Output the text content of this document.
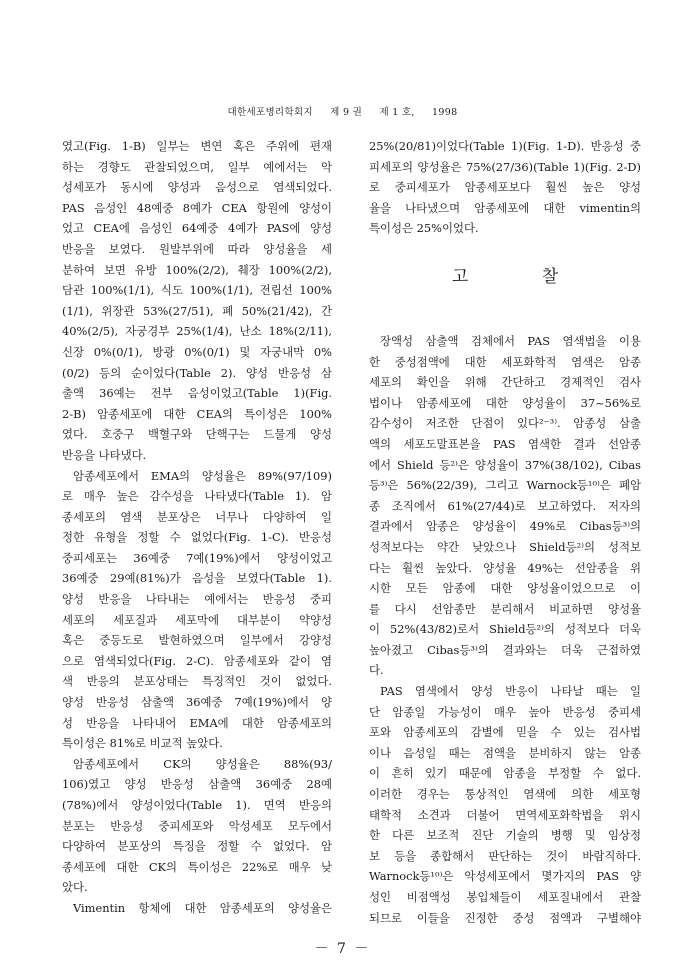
대한세포병리학회지 제 9 권 제 1 호, 1998
였고(Fig. 1-B) 일부는 변연 혹은 주위에 편재
하는 경향도 관찰되었으며, 일부 예에서는 악
성세포가 동시에 양성과 음성으로 염색되었다.
PAS 음성인 48예중 8예가 CEA 항원에 양성이
었고 CEA에 음성인 64예중 4예가 PAS에 양성
반응을 보였다. 원발부위에 따라 양성율을 세
분하여 보면 유방 100%(2/2), 췌장 100%(2/2),
담관 100%(1/1), 식도 100%(1/1), 전립선 100%
(1/1), 위장관 53%(27/51), 폐 50%(21/42), 간
40%(2/5), 자궁경부 25%(1/4), 난소 18%(2/11),
신장 0%(0/1), 방광 0%(0/1) 및 자궁내막 0%
(0/2) 등의 순이었다(Table 2). 양성 반응성 삼
출액 36예는 전부 음성이었고(Table 1)(Fig.
2-B) 암종세포에 대한 CEA의 특이성은 100%
였다. 호중구 백혈구와 단핵구는 드물게 양성
반응을 나타냈다.
암종세포에서 EMA의 양성율은 89%(97/109)
로 매우 높은 감수성을 나타냈다(Table 1). 암
종세포의 염색 분포상은 너무나 다양하여 일
정한 유형을 정할 수 없었다(Fig. 1-C). 반응성
중피세포는 36예중 7예(19%)에서 양성이었고
36예중 29예(81%)가 음성을 보였다(Table 1).
양성 반응을 나타내는 예에서는 반응성 중피
세포의 세포질과 세포막에 대부분이 약양성
혹은 중등도로 발현하였으며 일부에서 강양성
으로 염색되었다(Fig. 2-C). 암종세포와 같이 염
색 반응의 분포상태는 특징적인 것이 없었다.
양성 반응성 삼출액 36예중 7예(19%)에서 양
성 반응을 나타내어 EMA에 대한 암종세포의
특이성은 81%로 비교적 높았다.
암종세포에서 CK의 양성율은 88%(93/
106)였고 양성 반응성 삼출액 36예중 28예
(78%)에서 양성이었다(Table 1). 면역 반응의
분포는 반응성 중피세포와 악성세포 모두에서
다양하여 분포상의 특징을 정할 수 없었다. 암
종세포에 대한 CK의 특이성은 22%로 매우 낮
았다.
Vimentin 항체에 대한 암종세포의 양성율은
25%(20/81)이었다(Table 1)(Fig. 1-D). 반응성 중
피세포의 양성율은 75%(27/36)(Table 1)(Fig. 2-D)
로 중피세포가 암종세포보다 훨씬 높은 양성
율을 나타냈으며 암종세포에 대한 vimentin의
특이성은 25%이었다.
고 찰
장액성 삼출액 검체에서 PAS 염색법을 이용
한 중성점액에 대한 세포화학적 염색은 암종
세포의 확인을 위해 간단하고 경제적인 검사
법이나 암종세포에 대한 양성율이 37~56%로
감수성이 저조한 단점이 있다²⁻³⁾. 암종성 삼출
액의 세포도말표본을 PAS 염색한 결과 선암종
에서 Shield 등²⁾은 양성율이 37%(38/102), Cibas
등³⁾은 56%(22/39), 그리고 Warnock등¹⁰⁾은 폐암
종 조직에서 61%(27/44)로 보고하였다. 저자의
결과에서 암종은 양성율이 49%로 Cibas등³⁾의
성적보다는 약간 낮았으나 Shield등²⁾의 성적보
다는 훨씬 높았다. 양성율 49%는 선암종을 위
시한 모든 암종에 대한 양성율이었으므로 이
를 다시 선암종만 분리해서 비교하면 양성율
이 52%(43/82)로서 Shield등²⁾의 성적보다 더욱
높아졌고 Cibas등³⁾의 결과와는 더욱 근접하였
다.
PAS 염색에서 양성 반응이 나타날 때는 일
단 암종일 가능성이 매우 높아 반응성 중피세
포와 암종세포의 감별에 믿을 수 있는 검사법
이나 음성일 때는 점액을 분비하지 않는 암종
이 흔히 있기 때문에 암종을 부정할 수 없다.
이러한 경우는 통상적인 염색에 의한 세포형
태학적 소견과 더불어 면역세포화학법을 위시
한 다른 보조적 진단 기술의 병행 및 임상정
보 등을 종합해서 판단하는 것이 바람직하다.
Warnock등¹⁰⁾은 악성세포에서 몇가지의 PAS 양
성인 비점액성 봉입체들이 세포질내에서 관찰
되므로 이들을 진정한 중성 점액과 구별해야
－ 7 －
